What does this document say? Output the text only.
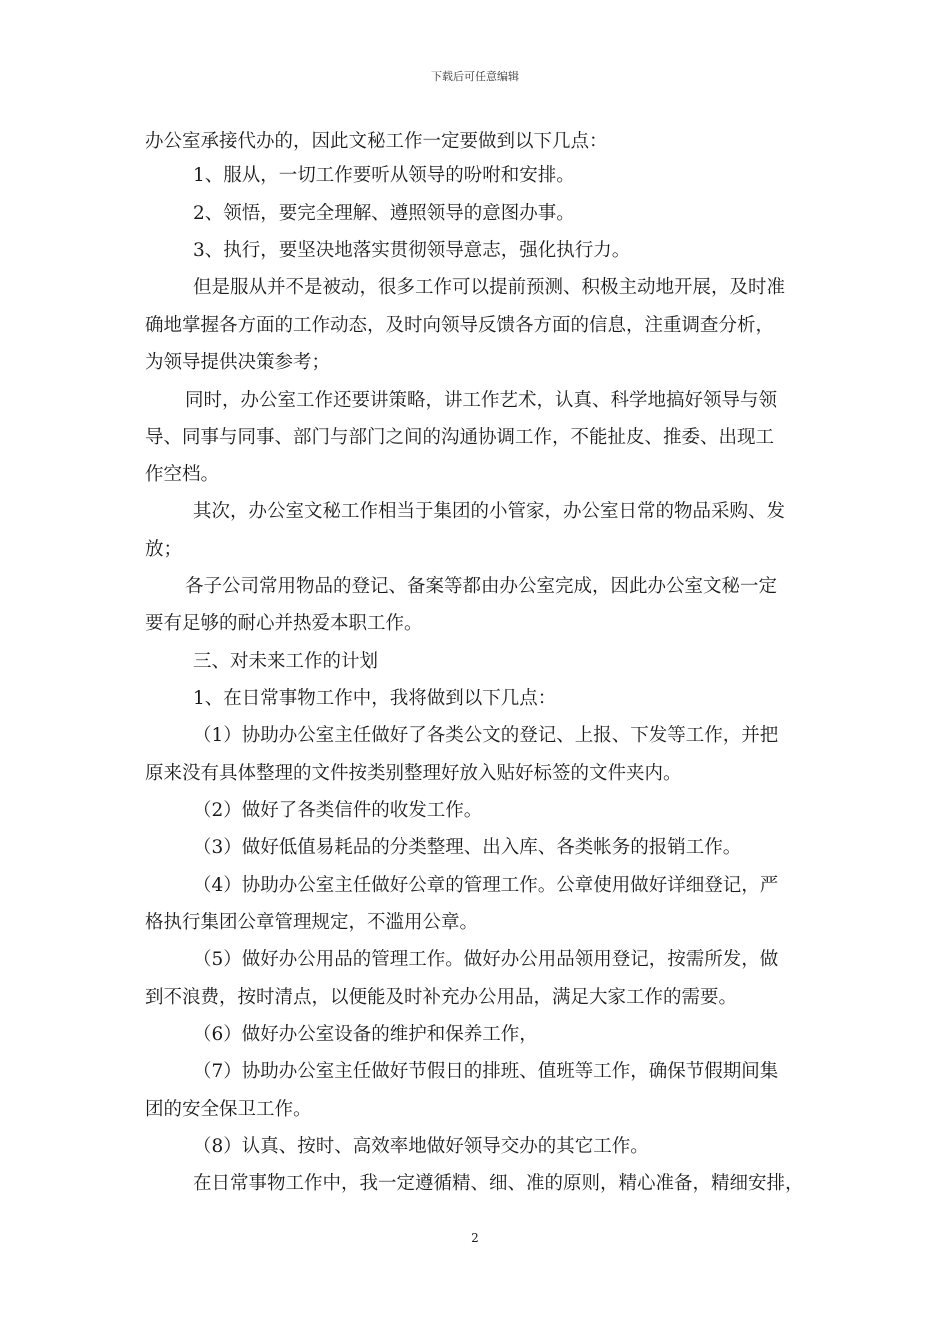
下载后可任意编辑
办公室承接代办的，因此文秘工作一定要做到以下几点：
1、服从，一切工作要听从领导的吩咐和安排。
2、领悟，要完全理解、遵照领导的意图办事。
3、执行，要坚决地落实贯彻领导意志，强化执行力。
但是服从并不是被动，很多工作可以提前预测、积极主动地开展，及时准
确地掌握各方面的工作动态，及时向领导反馈各方面的信息，注重调查分析，
为领导提供决策参考；
同时，办公室工作还要讲策略，讲工作艺术，认真、科学地搞好领导与领
导、同事与同事、部门与部门之间的沟通协调工作，不能扯皮、推委、出现工
作空档。
其次，办公室文秘工作相当于集团的小管家，办公室日常的物品采购、发
放；
各子公司常用物品的登记、备案等都由办公室完成，因此办公室文秘一定
要有足够的耐心并热爱本职工作。
三、对未来工作的计划
1、在日常事物工作中，我将做到以下几点：
（1）协助办公室主任做好了各类公文的登记、上报、下发等工作，并把
原来没有具体整理的文件按类别整理好放入贴好标签的文件夹内。
（2）做好了各类信件的收发工作。
（3）做好低值易耗品的分类整理、出入库、各类帐务的报销工作。
（4）协助办公室主任做好公章的管理工作。公章使用做好详细登记，严
格执行集团公章管理规定，不滥用公章。
（5）做好办公用品的管理工作。做好办公用品领用登记，按需所发，做
到不浪费，按时清点，以便能及时补充办公用品，满足大家工作的需要。
（6）做好办公室设备的维护和保养工作，
（7）协助办公室主任做好节假日的排班、值班等工作，确保节假期间集
团的安全保卫工作。
（8）认真、按时、高效率地做好领导交办的其它工作。
在日常事物工作中，我一定遵循精、细、准的原则，精心准备，精细安排，
2
